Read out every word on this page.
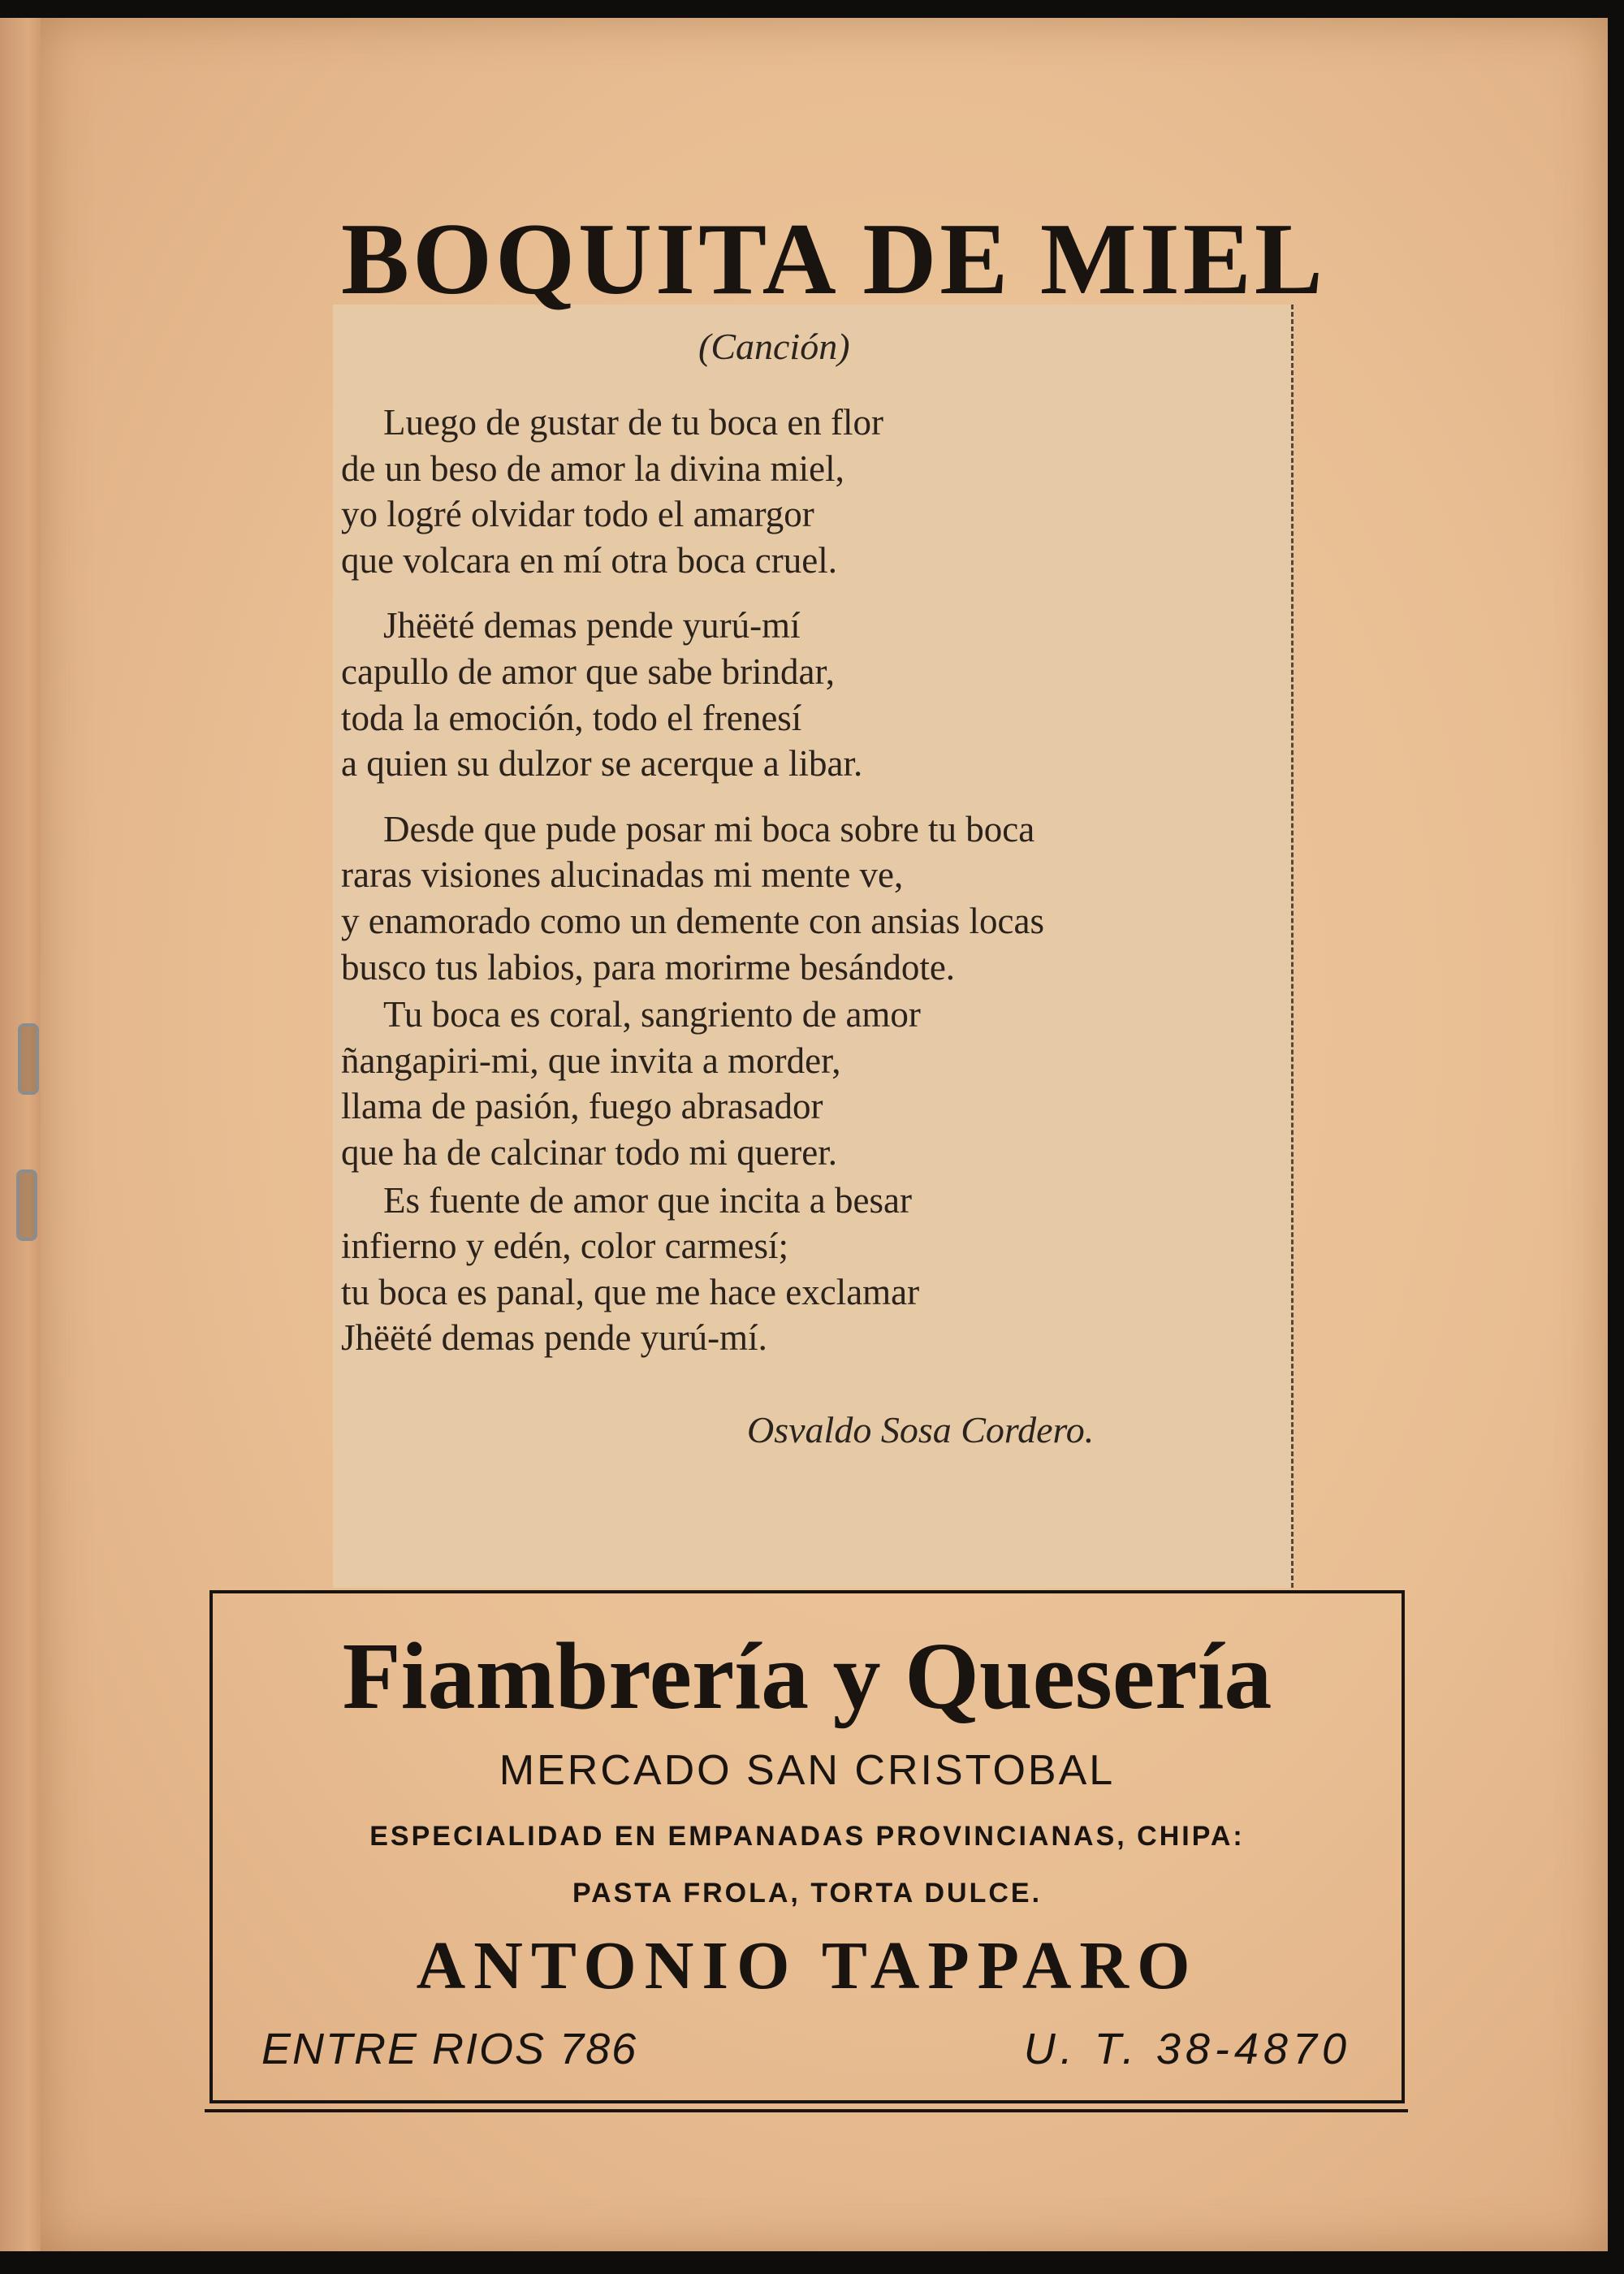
BOQUITA DE MIEL
(Canción)
Luego de gustar de tu boca en flor
de un beso de amor la divina miel,
yo logré olvidar todo el amargor
que volcara en mí otra boca cruel.
Jhëëté demas pende yurú-mí
capullo de amor que sabe brindar,
toda la emoción, todo el frenesí
a quien su dulzor se acerque a libar.
Desde que pude posar mi boca sobre tu boca
raras visiones alucinadas mi mente ve,
y enamorado como un demente con ansias locas
busco tus labios, para morirme besándote.
Tu boca es coral, sangriento de amor
ñangapiri-mi, que invita a morder,
llama de pasión, fuego abrasador
que ha de calcinar todo mi querer.
Es fuente de amor que incita a besar
infierno y edén, color carmesí;
tu boca es panal, que me hace exclamar
Jhëëté demas pende yurú-mí.
Osvaldo Sosa Cordero.
Fiambrería y Quesería
MERCADO SAN CRISTOBAL
ESPECIALIDAD EN EMPANADAS PROVINCIANAS, CHIPA:
PASTA FROLA, TORTA DULCE.
ANTONIO TAPPARO
ENTRE RIOS 786	U. T. 38-4870
